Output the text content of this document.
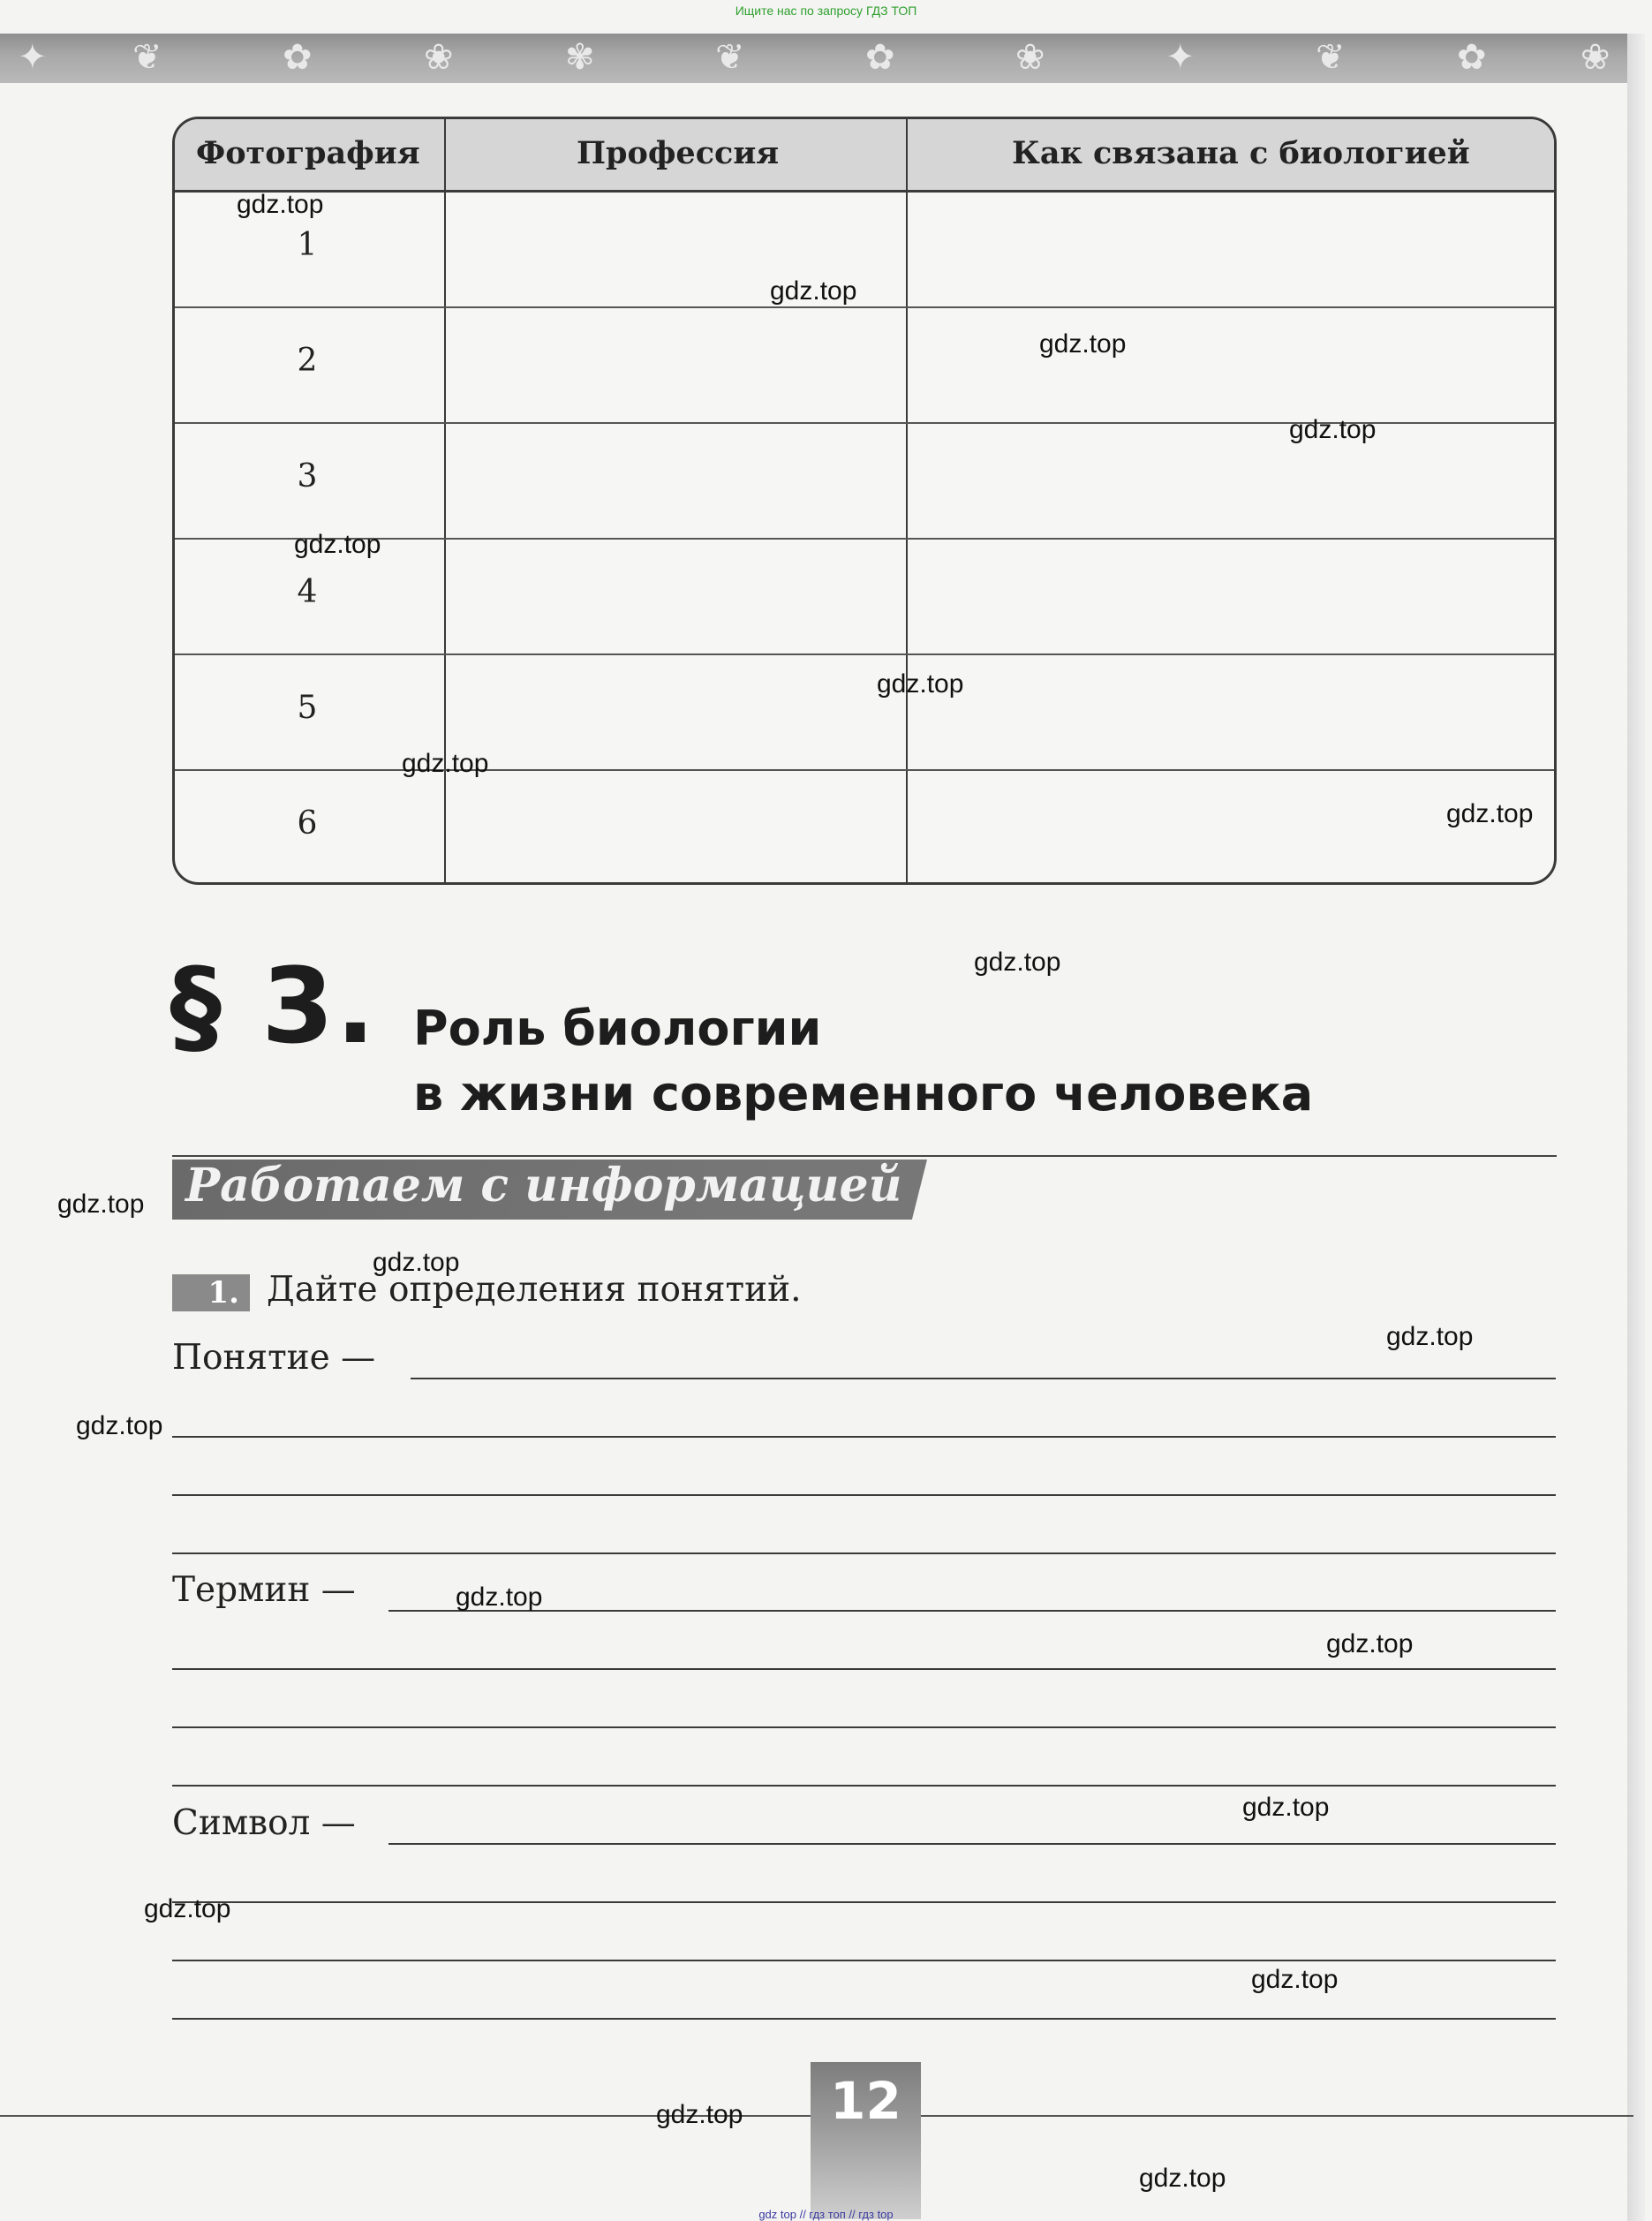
Ищите нас по запросу ГДЗ ТОП
✦ ❦	✿	❀	✾	❦	✿	❀	✦	❦	✿	❀
Фотография	Профессия	Как связана с биологией
1
2
3
4
5
6
§ 3. Роль биологии
в жизни современного человека
Работаем с информацией
1. Дайте определения понятий.
Понятие —
Термин —
Символ —
12
gdz.top
gdz.top
gdz.top
gdz.top
gdz.top
gdz.top
gdz.top
gdz.top
gdz.top
gdz.top
gdz.top
gdz.top
gdz.top
gdz.top
gdz.top
gdz.top
gdz.top
gdz.top
gdz.top
gdz.top
gdz top // гдз топ // гдз top
